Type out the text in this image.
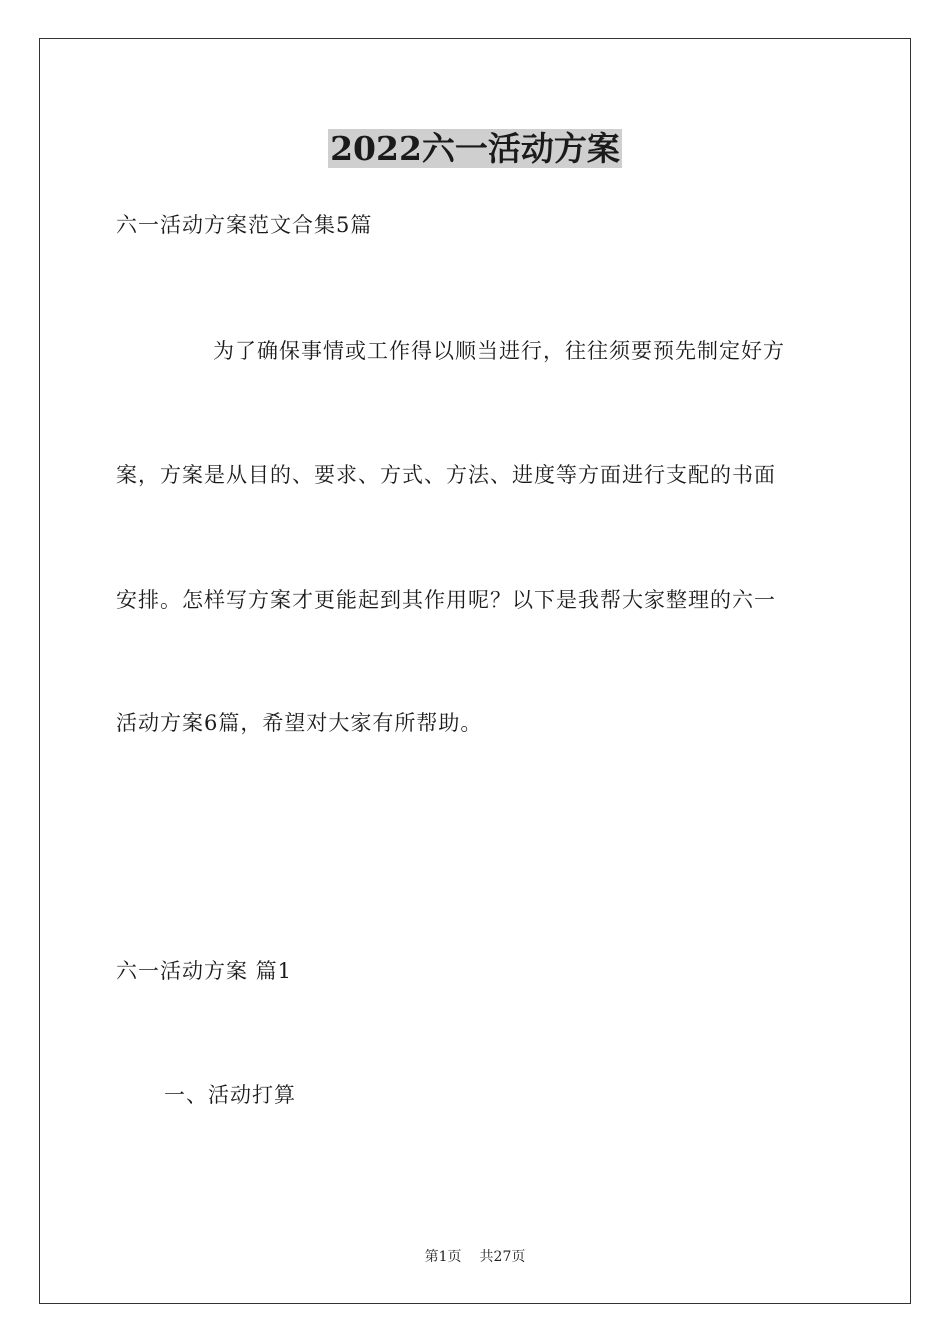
2022六一活动方案
六一活动方案范文合集5篇
为了确保事情或工作得以顺当进行，往往须要预先制定好方
案，方案是从目的、要求、方式、方法、进度等方面进行支配的书面
安排。怎样写方案才更能起到其作用呢？以下是我帮大家整理的六一
活动方案6篇，希望对大家有所帮助。
六一活动方案 篇1
一、活动打算
第1页 共27页
